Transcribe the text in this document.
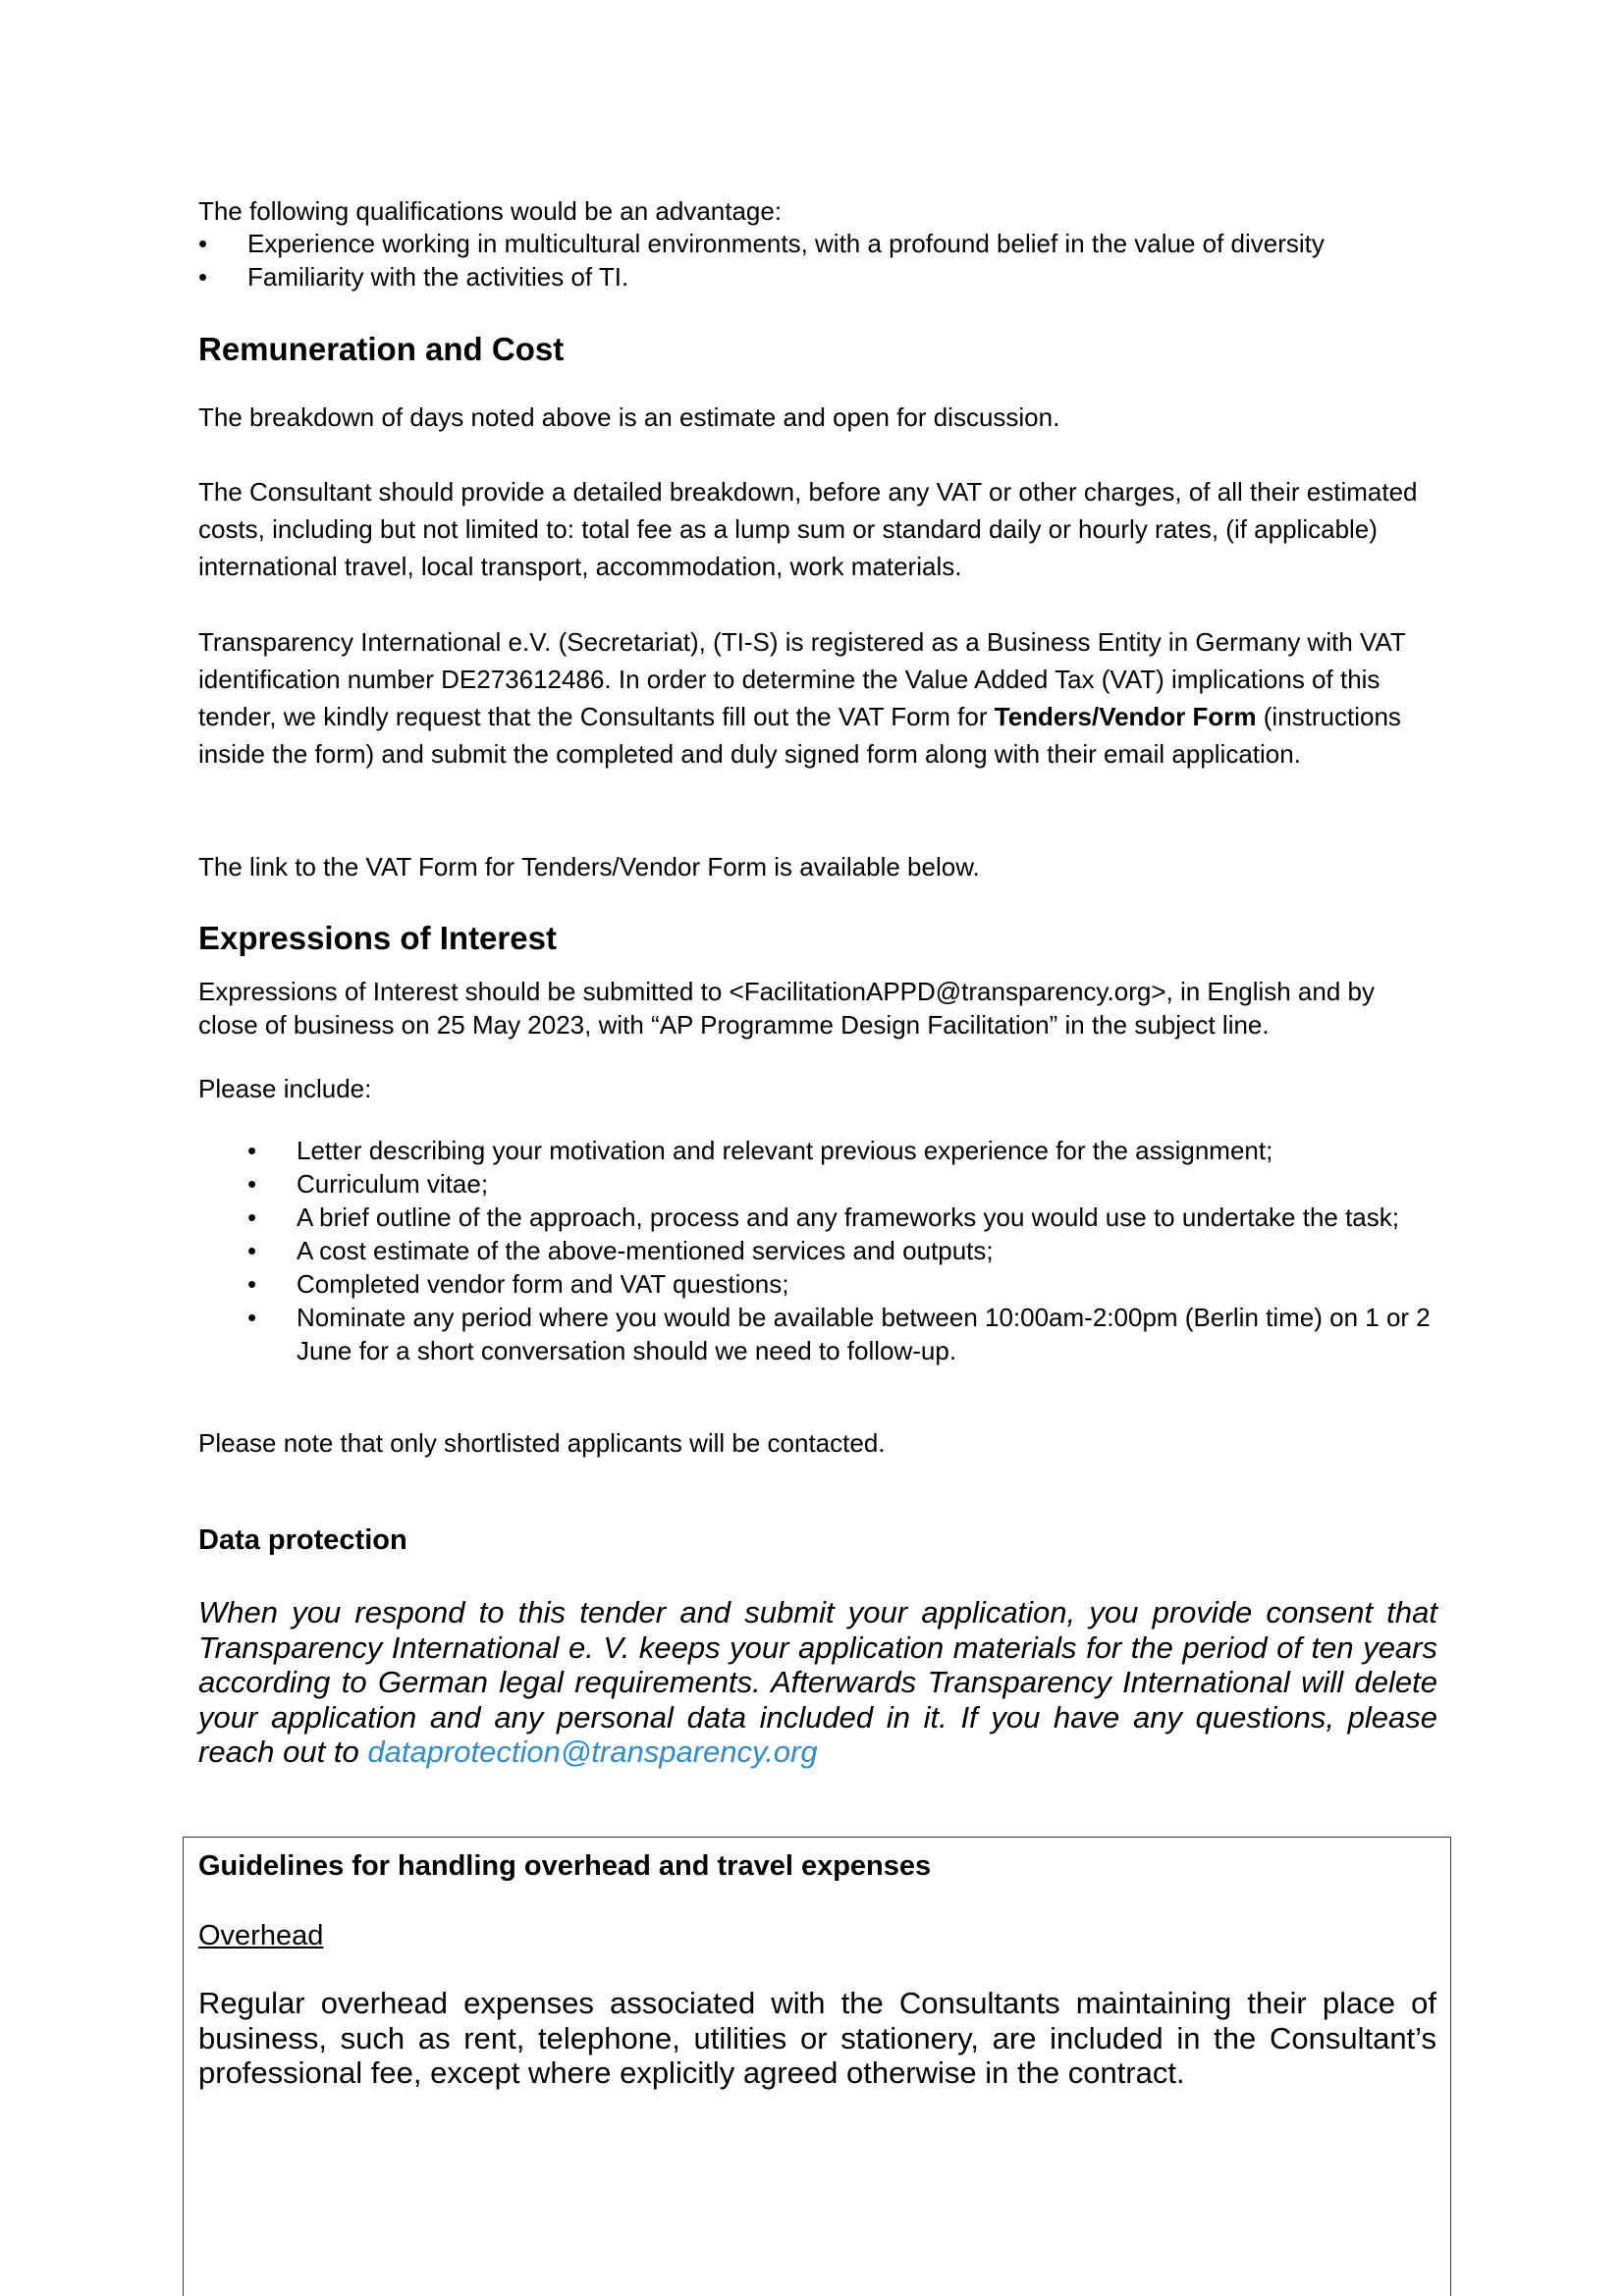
The following qualifications would be an advantage:

• Experience working in multicultural environments, with a profound belief in the value of diversity
• Familiarity with the activities of TI.
Remuneration and Cost

The breakdown of days noted above is an estimate and open for discussion.

The Consultant should provide a detailed breakdown, before any VAT or other charges, of all their estimated costs, including but not limited to: total fee as a lump sum or standard daily or hourly rates, (if applicable) international travel, local transport, accommodation, work materials.

Transparency International e.V. (Secretariat), (TI-S) is registered as a Business Entity in Germany with VAT identification number DE273612486. In order to determine the Value Added Tax (VAT) implications of this tender, we kindly request that the Consultants fill out the VAT Form for Tenders/Vendor Form (instructions inside the form) and submit the completed and duly signed form along with their email application.

The link to the VAT Form for Tenders/Vendor Form is available below.

Expressions of Interest

Expressions of Interest should be submitted to <FacilitationAPPD@transparency.org>, in English and by close of business on 25 May 2023, with “AP Programme Design Facilitation” in the subject line.

Please include:

• Letter describing your motivation and relevant previous experience for the assignment;
• Curriculum vitae;
• A brief outline of the approach, process and any frameworks you would use to undertake the task;
• A cost estimate of the above-mentioned services and outputs;
• Completed vendor form and VAT questions;
• Nominate any period where you would be available between 10:00am-2:00pm (Berlin time) on 1 or 2 June for a short conversation should we need to follow-up.

Please note that only shortlisted applicants will be contacted.

Data protection

When you respond to this tender and submit your application, you provide consent that Transparency International e. V. keeps your application materials for the period of ten years according to German legal requirements. Afterwards Transparency International will delete your application and any personal data included in it. If you have any questions, please reach out to dataprotection@transparency.org

Guidelines for handling overhead and travel expenses

Overhead

Regular overhead expenses associated with the Consultants maintaining their place of business, such as rent, telephone, utilities or stationery, are included in the Consultant’s professional fee, except where explicitly agreed otherwise in the contract.
